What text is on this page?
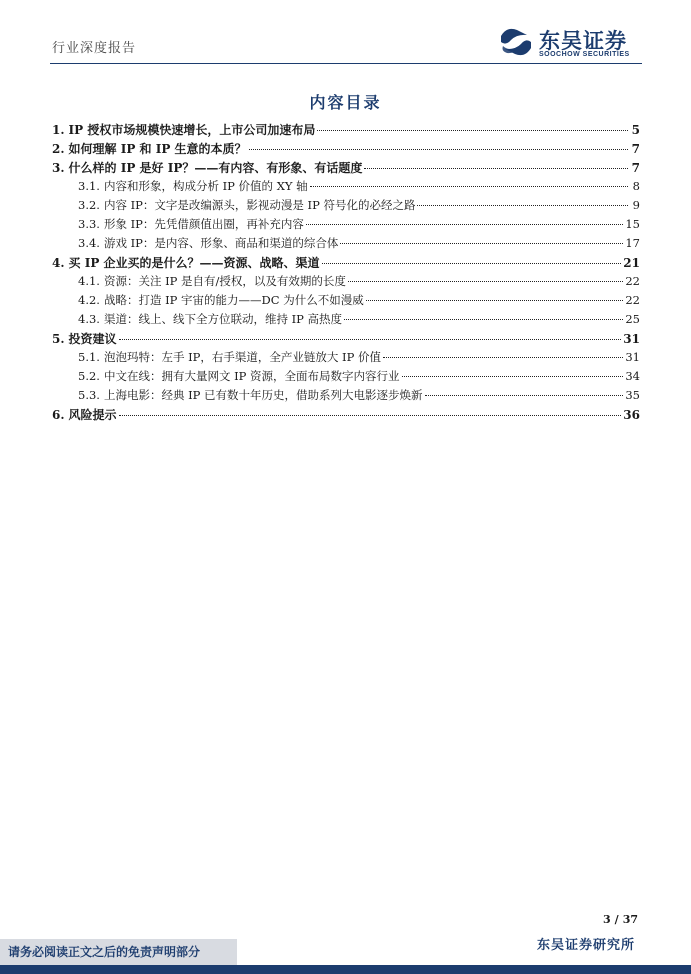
行业深度报告	东吴证券
SOOCHOW SECURITIES
内容目录
1. IP 授权市场规模快速增长，上市公司加速布局	5
2. 如何理解 IP 和 IP 生意的本质？	7
3. 什么样的 IP 是好 IP？——有内容、有形象、有话题度	7
3.1. 内容和形象，构成分析 IP 价值的 XY 轴	8
3.2. 内容 IP：文字是改编源头，影视动漫是 IP 符号化的必经之路	9
3.3. 形象 IP：先凭借颜值出圈，再补充内容	15
3.4. 游戏 IP：是内容、形象、商品和渠道的综合体	17
4. 买 IP 企业买的是什么？——资源、战略、渠道	21
4.1. 资源：关注 IP 是自有/授权，以及有效期的长度	22
4.2. 战略：打造 IP 宇宙的能力——DC 为什么不如漫威	22
4.3. 渠道：线上、线下全方位联动，维持 IP 高热度	25
5. 投资建议	31
5.1. 泡泡玛特：左手 IP，右手渠道，全产业链放大 IP 价值	31
5.2. 中文在线：拥有大量网文 IP 资源，全面布局数字内容行业	34
5.3. 上海电影：经典 IP 已有数十年历史，借助系列大电影逐步焕新	35
6. 风险提示	36
3 / 37
请务必阅读正文之后的免责声明部分	东吴证券研究所
